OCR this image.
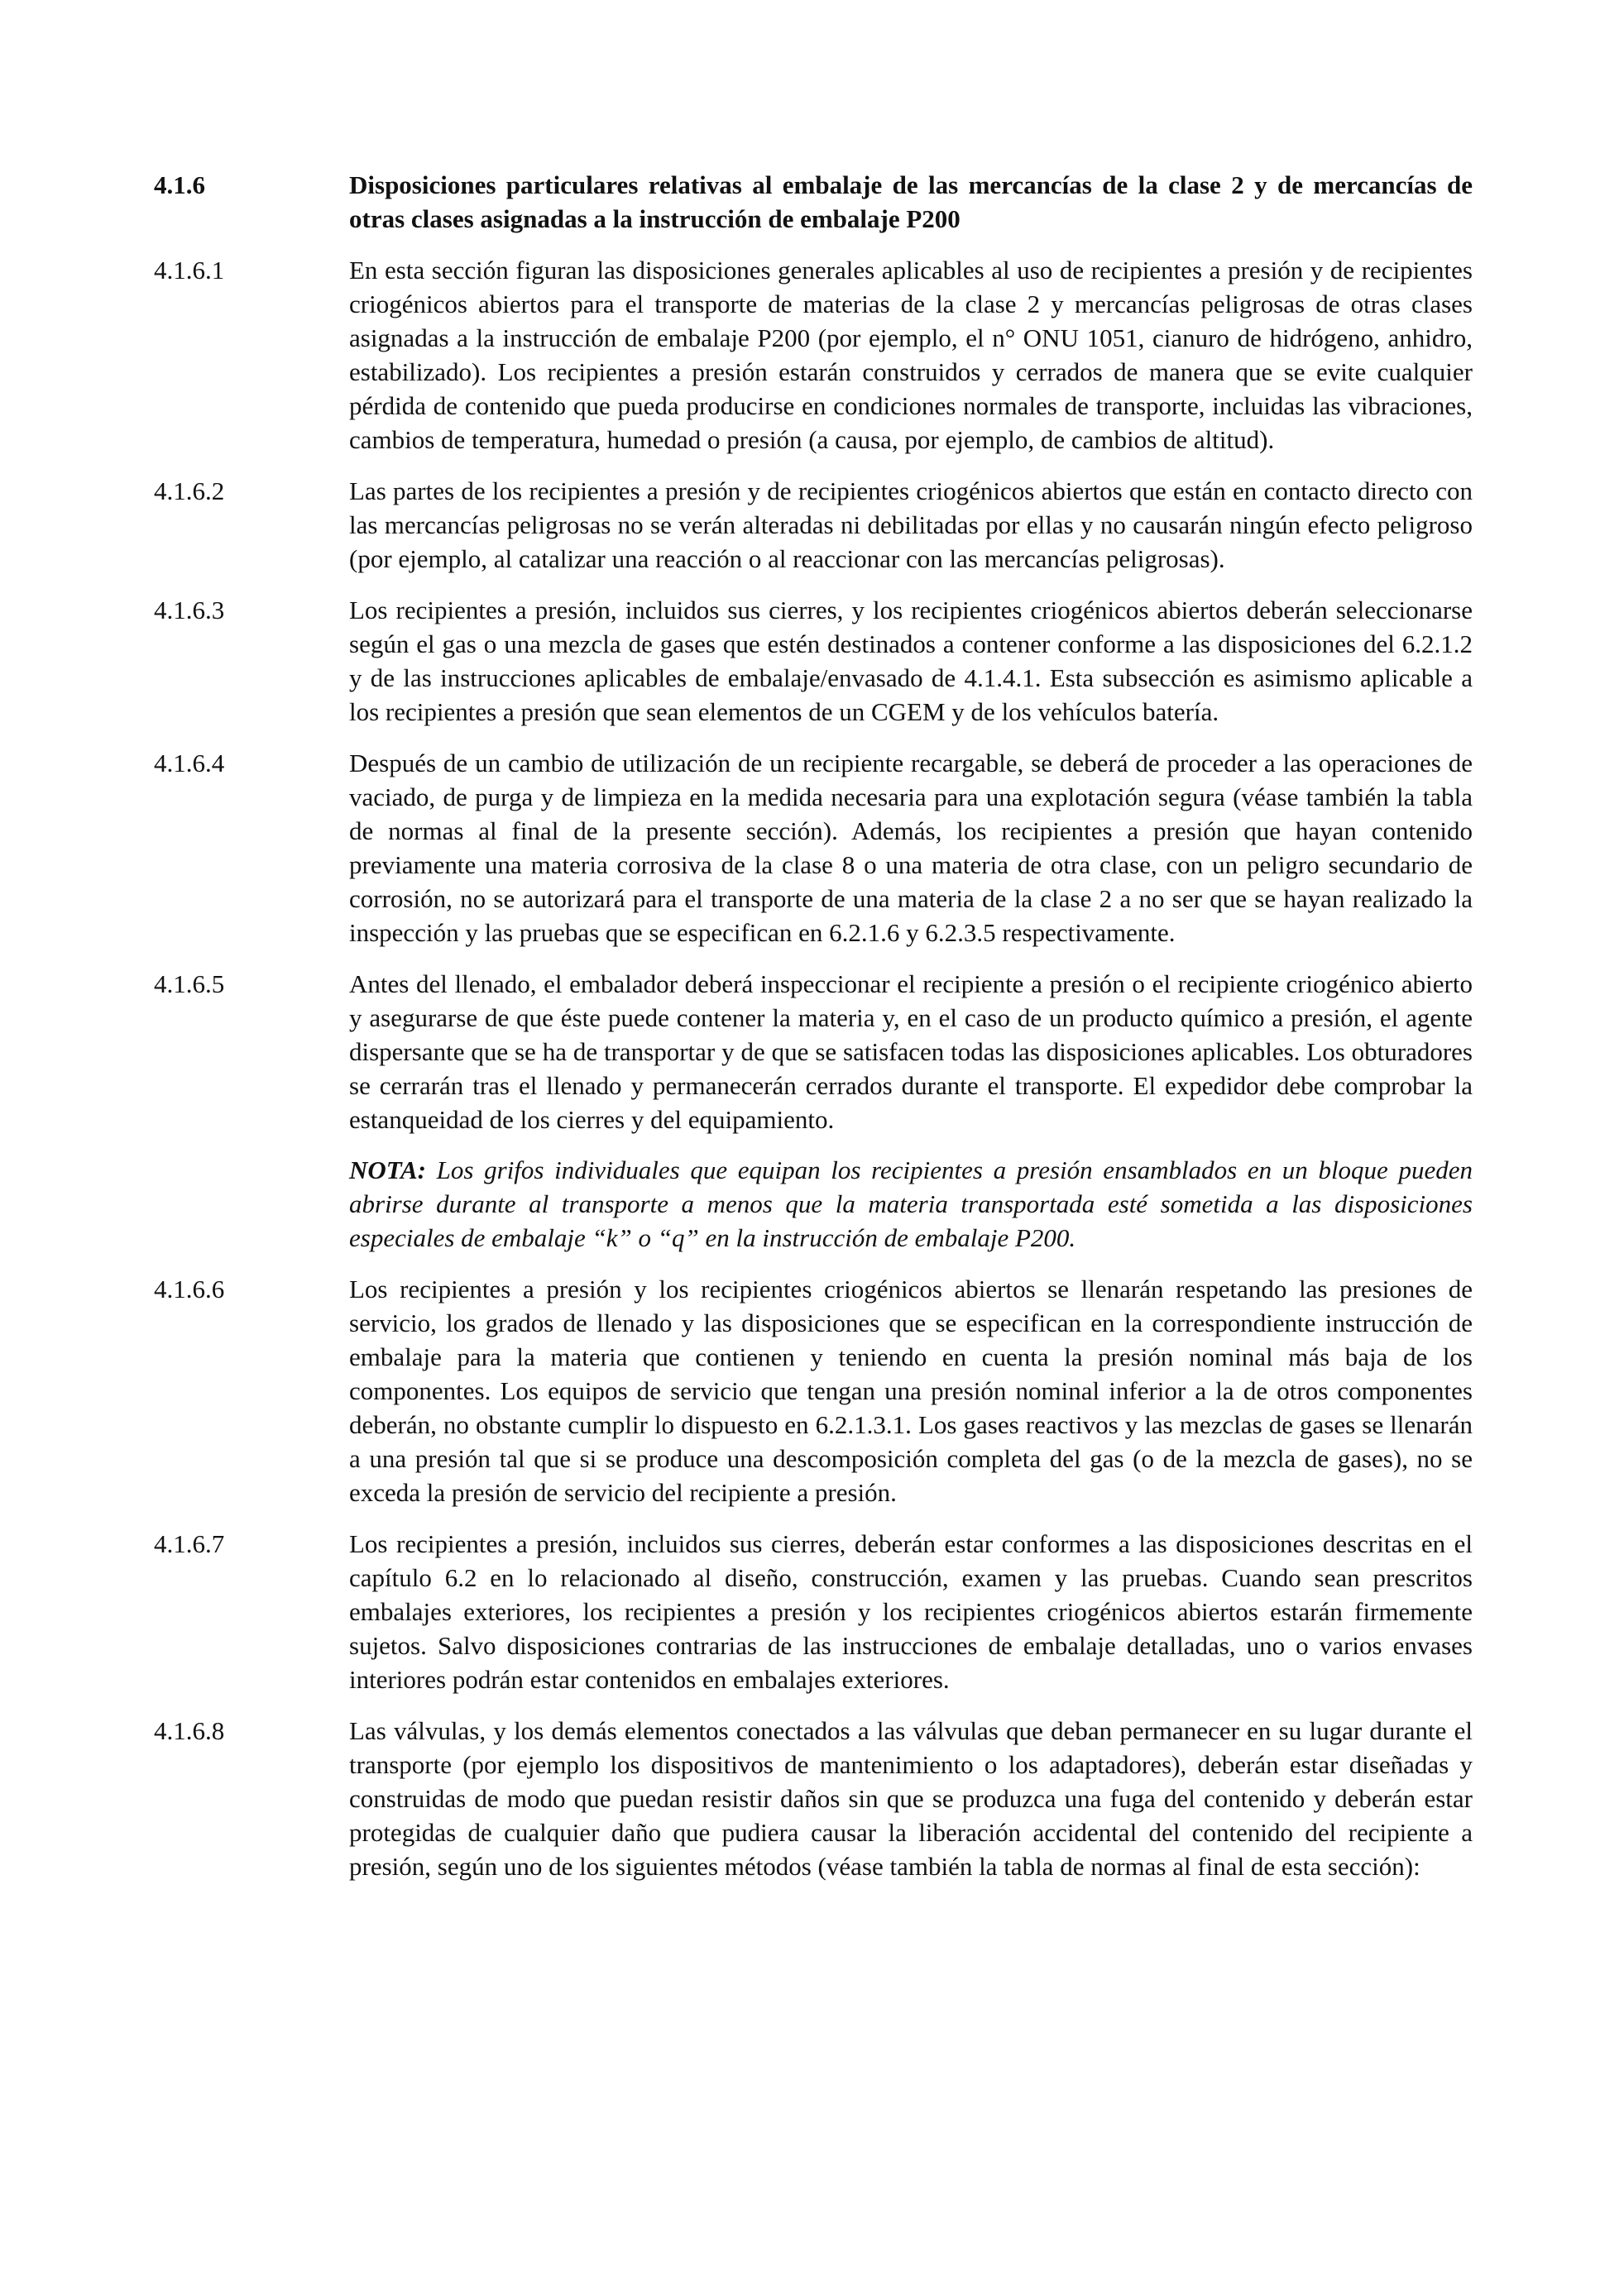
4.1.6	Disposiciones particulares relativas al embalaje de las mercancías de la clase 2 y de mercancías de otras clases asignadas a la instrucción de embalaje P200
4.1.6.1	En esta sección figuran las disposiciones generales aplicables al uso de recipientes a presión y de recipientes criogénicos abiertos para el transporte de materias de la clase 2 y mercancías peligrosas de otras clases asignadas a la instrucción de embalaje P200 (por ejemplo, el n° ONU 1051, cianuro de hidrógeno, anhidro, estabilizado). Los recipientes a presión estarán construidos y cerrados de manera que se evite cualquier pérdida de contenido que pueda producirse en condiciones normales de transporte, incluidas las vibraciones, cambios de temperatura, humedad o presión (a causa, por ejemplo, de cambios de altitud).
4.1.6.2	Las partes de los recipientes a presión y de recipientes criogénicos abiertos que están en contacto directo con las mercancías peligrosas no se verán alteradas ni debilitadas por ellas y no causarán ningún efecto peligroso (por ejemplo, al catalizar una reacción o al reaccionar con las mercancías peligrosas).
4.1.6.3	Los recipientes a presión, incluidos sus cierres, y los recipientes criogénicos abiertos deberán seleccionarse según el gas o una mezcla de gases que estén destinados a contener conforme a las disposiciones del 6.2.1.2 y de las instrucciones aplicables de embalaje/envasado de 4.1.4.1. Esta subsección es asimismo aplicable a los recipientes a presión que sean elementos de un CGEM y de los vehículos batería.
4.1.6.4	Después de un cambio de utilización de un recipiente recargable, se deberá de proceder a las operaciones de vaciado, de purga y de limpieza en la medida necesaria para una explotación segura (véase también la tabla de normas al final de la presente sección). Además, los recipientes a presión que hayan contenido previamente una materia corrosiva de la clase 8 o una materia de otra clase, con un peligro secundario de corrosión, no se autorizará para el transporte de una materia de la clase 2 a no ser que se hayan realizado la inspección y las pruebas que se especifican en 6.2.1.6 y 6.2.3.5 respectivamente.
4.1.6.5	Antes del llenado, el embalador deberá inspeccionar el recipiente a presión o el recipiente criogénico abierto y asegurarse de que éste puede contener la materia y, en el caso de un producto químico a presión, el agente dispersante que se ha de transportar y de que se satisfacen todas las disposiciones aplicables. Los obturadores se cerrarán tras el llenado y permanecerán cerrados durante el transporte. El expedidor debe comprobar la estanqueidad de los cierres y del equipamiento.
NOTA: Los grifos individuales que equipan los recipientes a presión ensamblados en un bloque pueden abrirse durante al transporte a menos que la materia transportada esté sometida a las disposiciones especiales de embalaje “k” o “q” en la instrucción de embalaje P200.
4.1.6.6	Los recipientes a presión y los recipientes criogénicos abiertos se llenarán respetando las presiones de servicio, los grados de llenado y las disposiciones que se especifican en la correspondiente instrucción de embalaje para la materia que contienen y teniendo en cuenta la presión nominal más baja de los componentes. Los equipos de servicio que tengan una presión nominal inferior a la de otros componentes deberán, no obstante cumplir lo dispuesto en 6.2.1.3.1. Los gases reactivos y las mezclas de gases se llenarán a una presión tal que si se produce una descomposición completa del gas (o de la mezcla de gases), no se exceda la presión de servicio del recipiente a presión.
4.1.6.7	Los recipientes a presión, incluidos sus cierres, deberán estar conformes a las disposiciones descritas en el capítulo 6.2 en lo relacionado al diseño, construcción, examen y las pruebas. Cuando sean prescritos embalajes exteriores, los recipientes a presión y los recipientes criogénicos abiertos estarán firmemente sujetos. Salvo disposiciones contrarias de las instrucciones de embalaje detalladas, uno o varios envases interiores podrán estar contenidos en embalajes exteriores.
4.1.6.8	Las válvulas, y los demás elementos conectados a las válvulas que deban permanecer en su lugar durante el transporte (por ejemplo los dispositivos de mantenimiento o los adaptadores), deberán estar diseñadas y construidas de modo que puedan resistir daños sin que se produzca una fuga del contenido y deberán estar protegidas de cualquier daño que pudiera causar la liberación accidental del contenido del recipiente a presión, según uno de los siguientes métodos (véase también la tabla de normas al final de esta sección):
